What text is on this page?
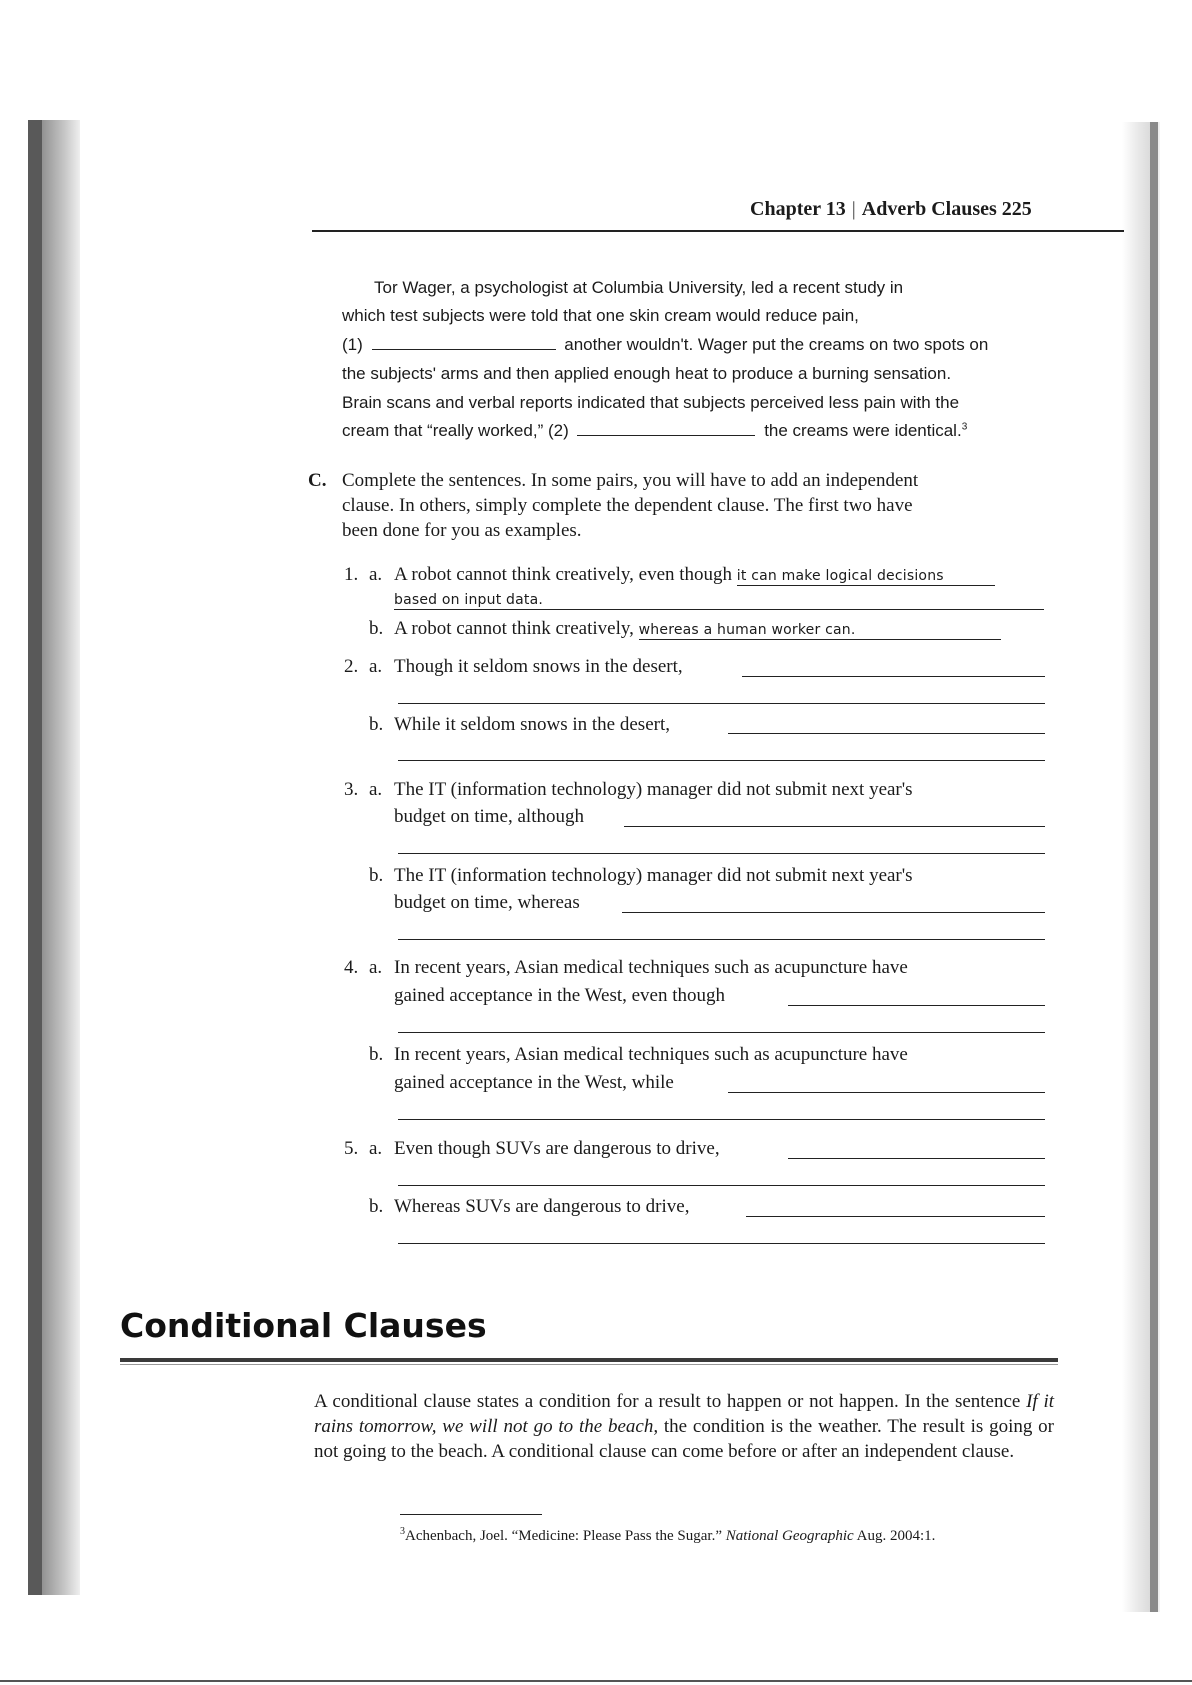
Chapter 13 | Adverb Clauses 225
Tor Wager, a psychologist at Columbia University, led a recent study in
which test subjects were told that one skin cream would reduce pain,
(1)	another wouldn't. Wager put the creams on two spots on
the subjects' arms and then applied enough heat to produce a burning sensation.
Brain scans and verbal reports indicated that subjects perceived less pain with the
cream that “really worked,” (2)	the creams were identical.$^3$
C. Complete the sentences. In some pairs, you will have to add an independent
clause. In others, simply complete the dependent clause. The first two have
been done for you as examples.
1. a. A robot cannot think creatively, even though it can make logical decisions
based on input data.
b. A robot cannot think creatively, whereas a human worker can.
2. a. Though it seldom snows in the desert,
b. While it seldom snows in the desert,
3. a. The IT (information technology) manager did not submit next year's
budget on time, although
b. The IT (information technology) manager did not submit next year's
budget on time, whereas
4. a. In recent years, Asian medical techniques such as acupuncture have
gained acceptance in the West, even though
b. In recent years, Asian medical techniques such as acupuncture have
gained acceptance in the West, while
5. a. Even though SUVs are dangerous to drive,
b. Whereas SUVs are dangerous to drive,
Conditional Clauses
A conditional clause states a condition for a result to happen or not happen. In the sentence If it rains tomorrow, we will not go to the beach, the condition is the weather. The result is going or not going to the beach. A conditional clause can come before or after an independent clause.
$^3$Achenbach, Joel. “Medicine: Please Pass the Sugar.” National Geographic Aug. 2004:1.
